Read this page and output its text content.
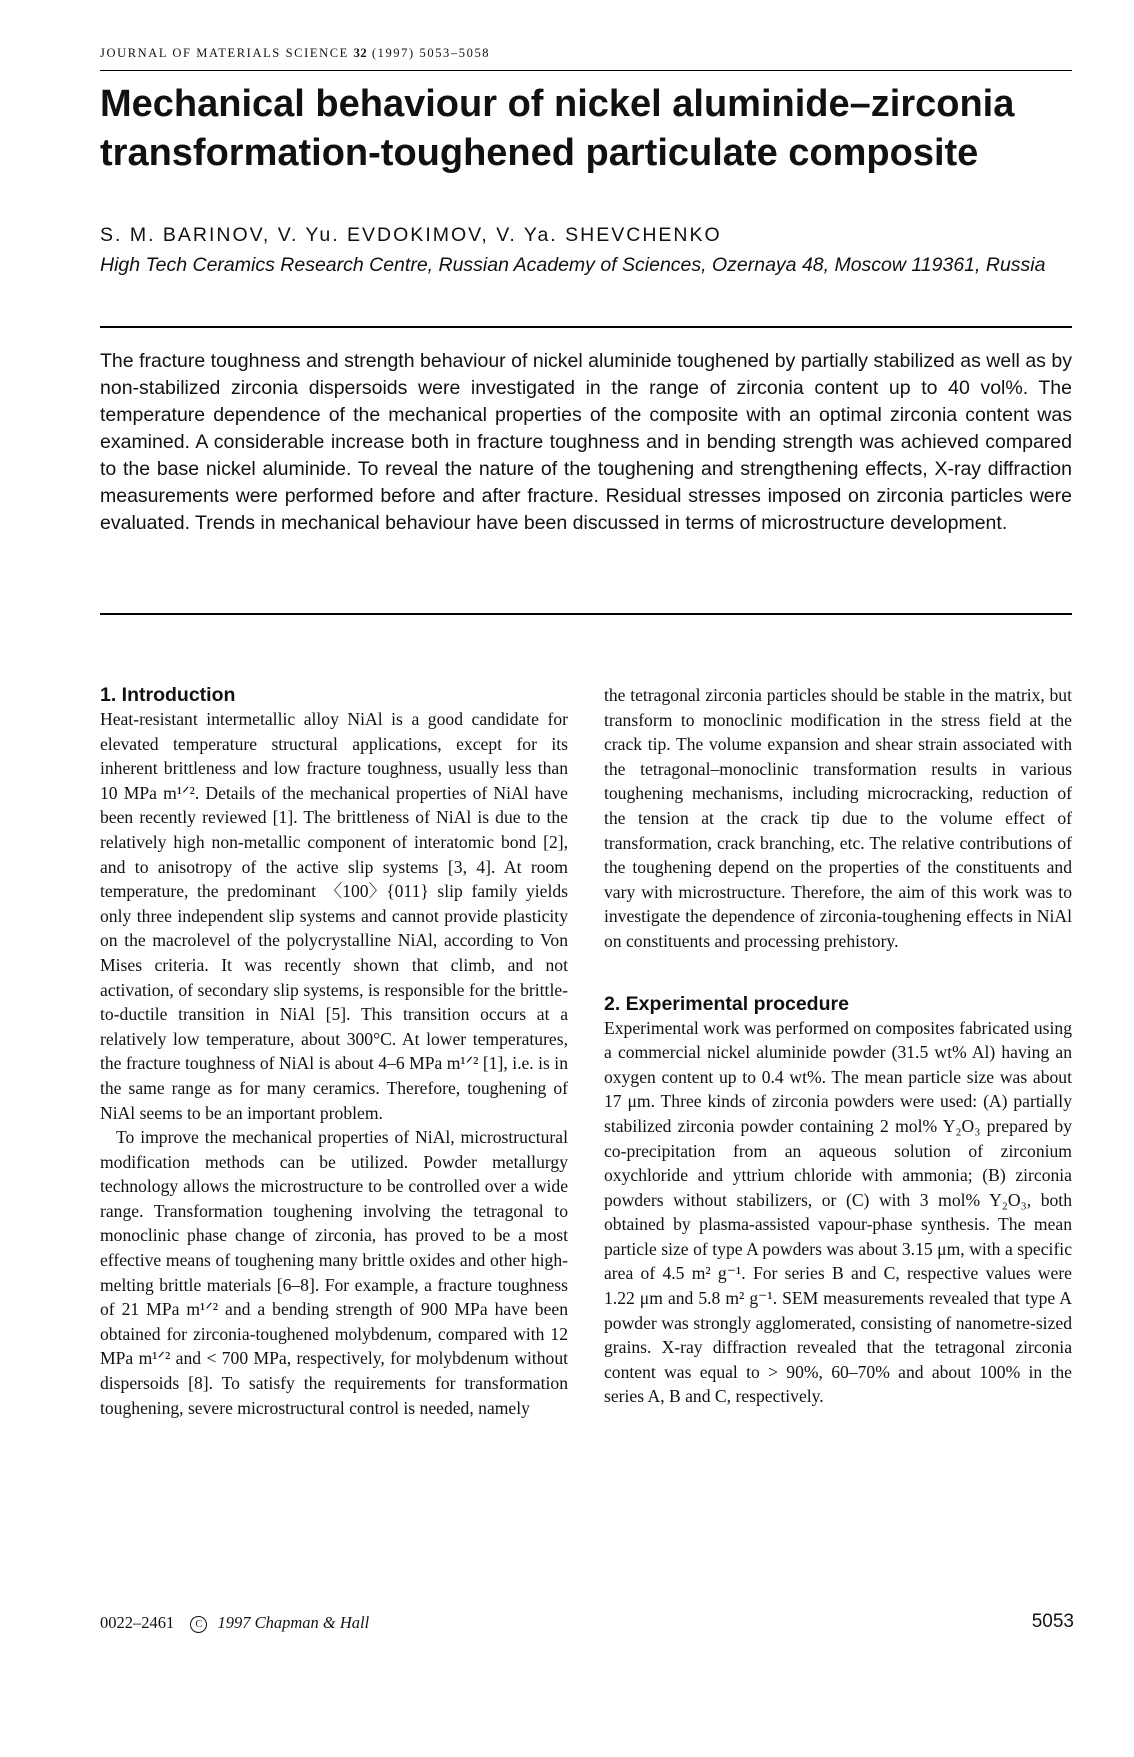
JOURNAL OF MATERIALS SCIENCE 32 (1997) 5053–5058
Mechanical behaviour of nickel aluminide–zirconia
transformation-toughened particulate composite
S. M. BARINOV, V. Yu. EVDOKIMOV, V. Ya. SHEVCHENKO
High Tech Ceramics Research Centre, Russian Academy of Sciences, Ozernaya 48, Moscow 119361, Russia

The fracture toughness and strength behaviour of nickel aluminide toughened by partially stabilized as well as by non-stabilized zirconia dispersoids were investigated in the range of zirconia content up to 40 vol%. The temperature dependence of the mechanical properties of the composite with an optimal zirconia content was examined. A considerable increase both in fracture toughness and in bending strength was achieved compared to the base nickel aluminide. To reveal the nature of the toughening and strengthening effects, X-ray diffraction measurements were performed before and after fracture. Residual stresses imposed on zirconia particles were evaluated. Trends in mechanical behaviour have been discussed in terms of microstructure development.

1. Introduction

Heat-resistant intermetallic alloy NiAl is a good candidate for elevated temperature structural applications, except for its inherent brittleness and low fracture toughness, usually less than 10 MPa m¹ᐟ². Details of the mechanical properties of NiAl have been recently reviewed [1]. The brittleness of NiAl is due to the relatively high non-metallic component of interatomic bond [2], and to anisotropy of the active slip systems [3, 4]. At room temperature, the predominant 〈100〉{011} slip family yields only three independent slip systems and cannot provide plasticity on the macrolevel of the polycrystalline NiAl, according to Von Mises criteria. It was recently shown that climb, and not activation, of secondary slip systems, is responsible for the brittle-to-ductile transition in NiAl [5]. This transition occurs at a relatively low temperature, about 300°C. At lower temperatures, the fracture toughness of NiAl is about 4–6 MPa m¹ᐟ² [1], i.e. is in the same range as for many ceramics. Therefore, toughening of NiAl seems to be an important problem.

To improve the mechanical properties of NiAl, microstructural modification methods can be utilized. Powder metallurgy technology allows the microstructure to be controlled over a wide range. Transformation toughening involving the tetragonal to monoclinic phase change of zirconia, has proved to be a most effective means of toughening many brittle oxides and other high-melting brittle materials [6–8]. For example, a fracture toughness of 21 MPa m¹ᐟ² and a bending strength of 900 MPa have been obtained for zirconia-toughened molybdenum, compared with 12 MPa m¹ᐟ² and < 700 MPa, respectively, for molybdenum without dispersoids [8]. To satisfy the requirements for transformation toughening, severe microstructural control is needed, namely

the tetragonal zirconia particles should be stable in the matrix, but transform to monoclinic modification in the stress field at the crack tip. The volume expansion and shear strain associated with the tetragonal–monoclinic transformation results in various toughening mechanisms, including microcracking, reduction of the tension at the crack tip due to the volume effect of transformation, crack branching, etc. The relative contributions of the toughening depend on the properties of the constituents and vary with microstructure. Therefore, the aim of this work was to investigate the dependence of zirconia-toughening effects in NiAl on constituents and processing prehistory.

2. Experimental procedure

Experimental work was performed on composites fabricated using a commercial nickel aluminide powder (31.5 wt% Al) having an oxygen content up to 0.4 wt%. The mean particle size was about 17 μm. Three kinds of zirconia powders were used: (A) partially stabilized zirconia powder containing 2 mol% Y₂O₃ prepared by co-precipitation from an aqueous solution of zirconium oxychloride and yttrium chloride with ammonia; (B) zirconia powders without stabilizers, or (C) with 3 mol% Y₂O₃, both obtained by plasma-assisted vapour-phase synthesis. The mean particle size of type A powders was about 3.15 μm, with a specific area of 4.5 m² g⁻¹. For series B and C, respective values were 1.22 μm and 5.8 m² g⁻¹. SEM measurements revealed that type A powder was strongly agglomerated, consisting of nanometre-sized grains. X-ray diffraction revealed that the tetragonal zirconia content was equal to > 90%, 60–70% and about 100% in the series A, B and C, respectively.

0022–2461 C 1997 Chapman & Hall	5053
